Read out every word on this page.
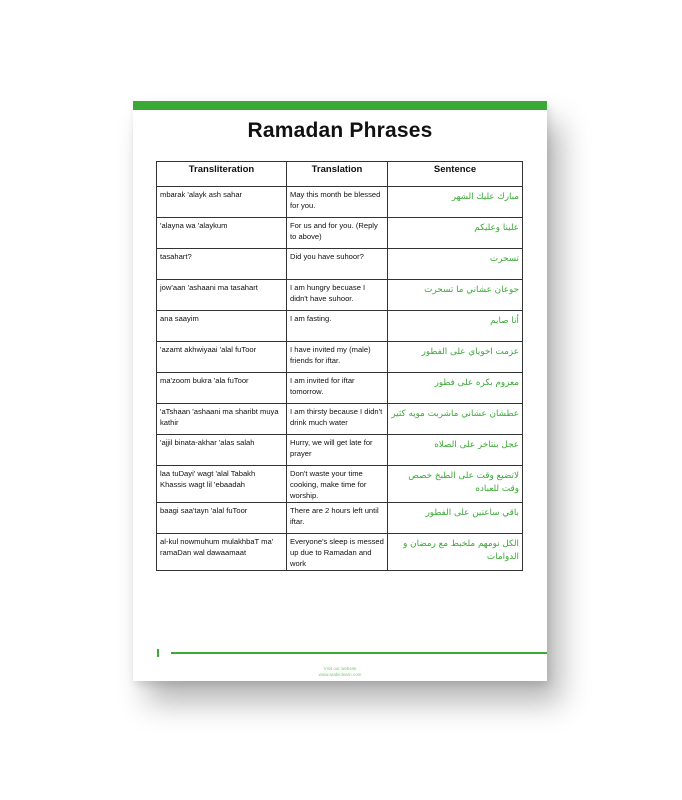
Ramadan Phrases
Transliteration	Translation	Sentence
mbarak 'alayk ash sahar	May this month be blessed for you.	مبارك عليك الشهر
'alayna wa 'alaykum	For us and for you. (Reply to above)	علينا وعليكم
tasahart?	Did you have suhoor?	تسحرت
jow'aan 'ashaani ma tasahart	I am hungry becuase I didn't have suhoor.	جوعان عشاني ما تسحرت
ana saayim	I am fasting.	أنا صايم
'azamt akhwiyaai 'alal fuToor	I have invited my (male) friends for iftar.	عزمت اخوياي على الفطور
ma'zoom bukra 'ala fuToor	I am invited for iftar tomorrow.	معزوم بكره على فطور
'aTshaan 'ashaani ma sharibt muya kathir	I am thirsty because I didn't drink much water	عطشان عشاني ماشربت مويه كثير
'ajjil binata-akhar 'alas salah	Hurry, we will get late for prayer	عجل بنتاخر على الصلاه
laa tuDayi' wagt 'alal Tabakh Khassis wagt lil 'ebaadah	Don't waste your time cooking, make time for worship.	لاتضيع وقت على الطبخ خصص وقت للعباده
baagi saa'tayn 'alal fuToor	There are 2 hours left until iftar.	باقي ساعتين على الفطور
al-kul nowmuhum mulakhbaT ma' ramaDan wal dawaamaat	Everyone's sleep is messed up due to Ramadan and work	الكل نومهم ملخبط مع رمضان و الدوامات
Visit our website
www.arabiclearn.com
